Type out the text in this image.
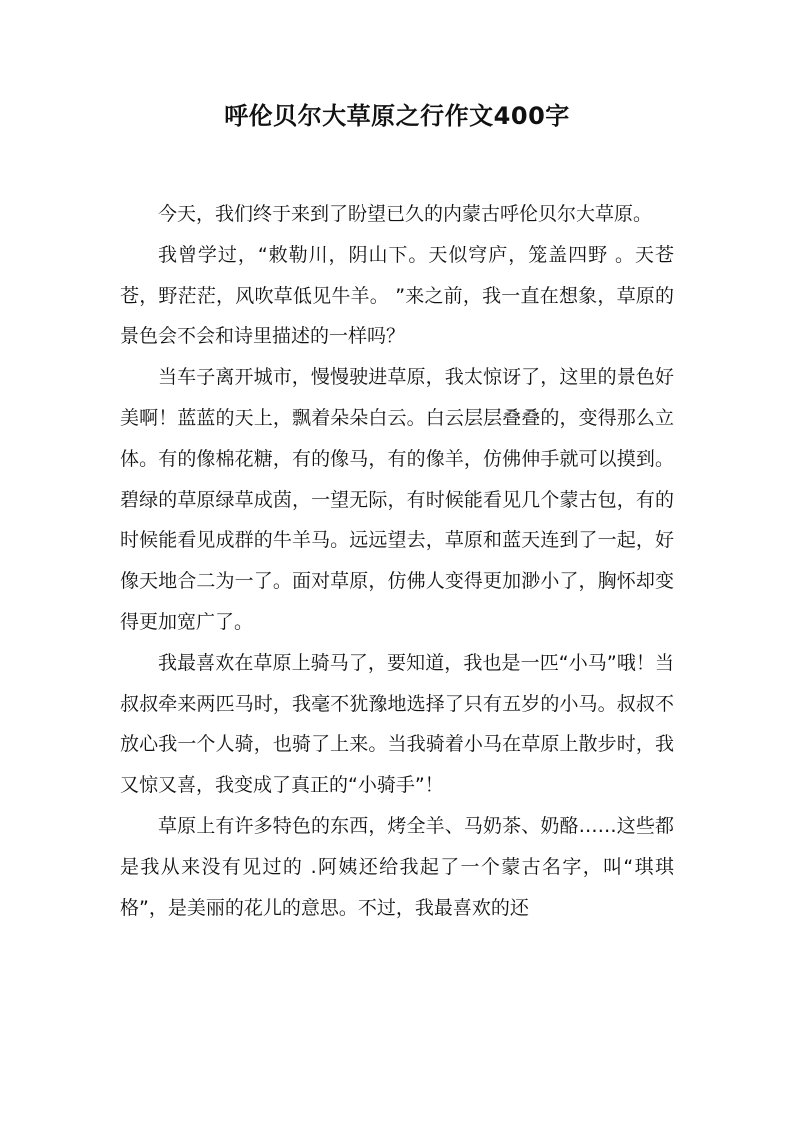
呼伦贝尔大草原之行作文400字

今天，我们终于来到了盼望已久的内蒙古呼伦贝尔大草原。

我曾学过，“敕勒川，阴山下。天似穹庐，笼盖四野 。天苍苍，野茫茫，风吹草低见牛羊。 ”来之前，我一直在想象，草原的景色会不会和诗里描述的一样吗？

当车子离开城市，慢慢驶进草原，我太惊讶了，这里的景色好美啊！蓝蓝的天上，飘着朵朵白云。白云层层叠叠的，变得那么立体。有的像棉花糖，有的像马，有的像羊，仿佛伸手就可以摸到。碧绿的草原绿草成茵，一望无际，有时候能看见几个蒙古包，有的时候能看见成群的牛羊马。远远望去，草原和蓝天连到了一起，好像天地合二为一了。面对草原，仿佛人变得更加渺小了，胸怀却变得更加宽广了。

我最喜欢在草原上骑马了，要知道，我也是一匹“小马”哦！当叔叔牵来两匹马时，我毫不犹豫地选择了只有五岁的小马。叔叔不放心我一个人骑，也骑了上来。当我骑着小马在草原上散步时，我又惊又喜，我变成了真正的“小骑手”！

草原上有许多特色的东西，烤全羊、马奶茶、奶酪……这些都是我从来没有见过的 .阿姨还给我起了一个蒙古名字，叫“琪琪格”，是美丽的花儿的意思。不过，我最喜欢的还
